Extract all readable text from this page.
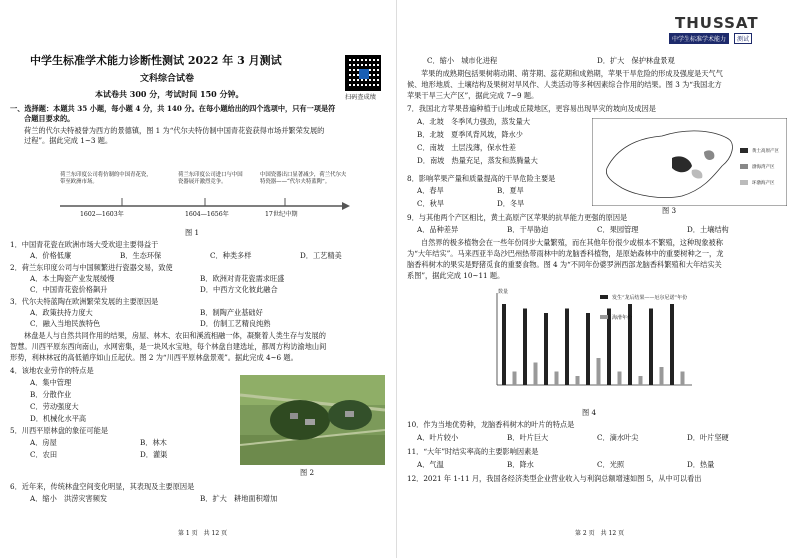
中学生标准学术能力诊断性测试 2022 年 3 月测试
文科综合试卷
本试卷共 300 分，考试时间 150 分钟。	扫码查成绩
一、选择题：本题共 35 小题，每小题 4 分，共 140 分。在每小题给出的四个选项中，只有一项是符
合题目要求的。
荷兰的代尔夫特被誉为西方的景德镇，图 1 为“代尔夫特仿制中国青花瓷获得市场并繁荣发展的
过程”。据此完成 1~3 题。
荷兰东印度公司将仿制的中国青花瓷，带至欧洲市场。
荷兰东印度公司进口与中国瓷器展开激烈竞争。
中国瓷器出口显著减少，荷兰代尔夫特瓷器——“代尔夫特蓝陶”。
1602—1603年	1604—1656年	17世纪中期
图 1
1．中国青花瓷在欧洲市场大受欢迎主要得益于
A．价格低廉	B．生态环保	C．种类多样	D．工艺精美
2．荷兰东印度公司与中国频繁进行瓷器交易，致使
A．本土陶瓷产业发展缓慢	B．欧洲对青花瓷需求旺盛
C．中国青花瓷价格飙升	D．中西方文化彼此融合
3．代尔夫特蓝陶在欧洲繁荣发展的主要原因是
A．政策扶持力度大	B．制陶产业基础好
C．融入当地民族特色	D．仿制工艺精良纯熟
林盘是人与自然共同作用的结果，房屋、林木、农田和溪流相融一体，凝聚着人类生存与发展的
智慧。川西平原东西向南山，水网密集，是一块风水宝地，每个林盘自建选址，都周方构访渝地山间
形势，利林林冠的高低循序如山丘起伏。图 2 为“川西平原林盘景观”。据此完成 4~6 题。
4．该地农业劳作的特点是
A．集中管理
B．分散作业
C．劳动强度大
D．机械化水平高
5．川西平原林盘的象征可能是
A．房屋	B．林木
C．农田	D．灌渠
图 2
6．近年来，传统林盘空间变化明显，其表现及主要原因是
A．缩小　洪涝灾害频发	B．扩大　耕地面积增加
第 1 页　共 12 页
THUSSAT
中学生标准学术能力	测试
C．缩小　城市化进程	D．扩大　保护林盘景观
苹果的成熟期包括果树萌动期、萌芽期、蕊花期和成熟期，苹果干旱危险的形成及强度是天气气
候、地形地质、土壤结构及果树对旱风作、人类活动等多种因素综合作用的结果。图 3 为“我国北方
苹果干旱三大产区”，据此完成 7~9 题。
7．我国北方苹果普遍种植于山地或丘陵地区，更容易出现旱灾的坡向及成因是
A．北坡　冬季风力强劲，蒸发量大
B．北坡　夏季风背风坡，降水少
C．南坡　土层浅薄，保水性差
D．南坡　热量充足，蒸发和蒸腾量大
黄土高原产区
渤海湾产区
环渤海产区
图 3
8．影响苹果产量和质量提高的干旱危险主要是
A．春旱	B．夏旱
C．秋旱	D．冬旱
9．与其他两个产区相比，黄土高原产区苹果的抗旱能力更强的原因是
A．品种差异	B．干旱胁迫	C．果园管理	D．土壤结构
自然界的极多植物会在一些年份同步大量繁殖，而在其他年份很少或根本不繁殖，这种现象被称
为“大年结实”。马来西亚半岛沙巴州热带雨林中的龙脑香科植物，是原始森林中的重要树种之一，龙
脑香科树木的果实是野猪觅食的重要食物。图 4 为“不同年份婆罗洲西部龙脑香科繁殖和大年结实关
系图”，据此完成 10~11 题。
数量
发生“龙后结果——厄尔尼诺”年份
海滑年份
图 4
10．作为当地优势种，龙脑香科树木的叶片的特点是
A．叶片较小	B．叶片巨大	C．滴水叶尖	D．叶片坚硬
11．“大年”时结实率高的主要影响因素是
A．气温	B．降水	C．光照	D．热量
12．2021 年 1-11 月，我国各经济类型企业营业收入与利润总额增速如图 5，从中可以看出
第 2 页　共 12 页
